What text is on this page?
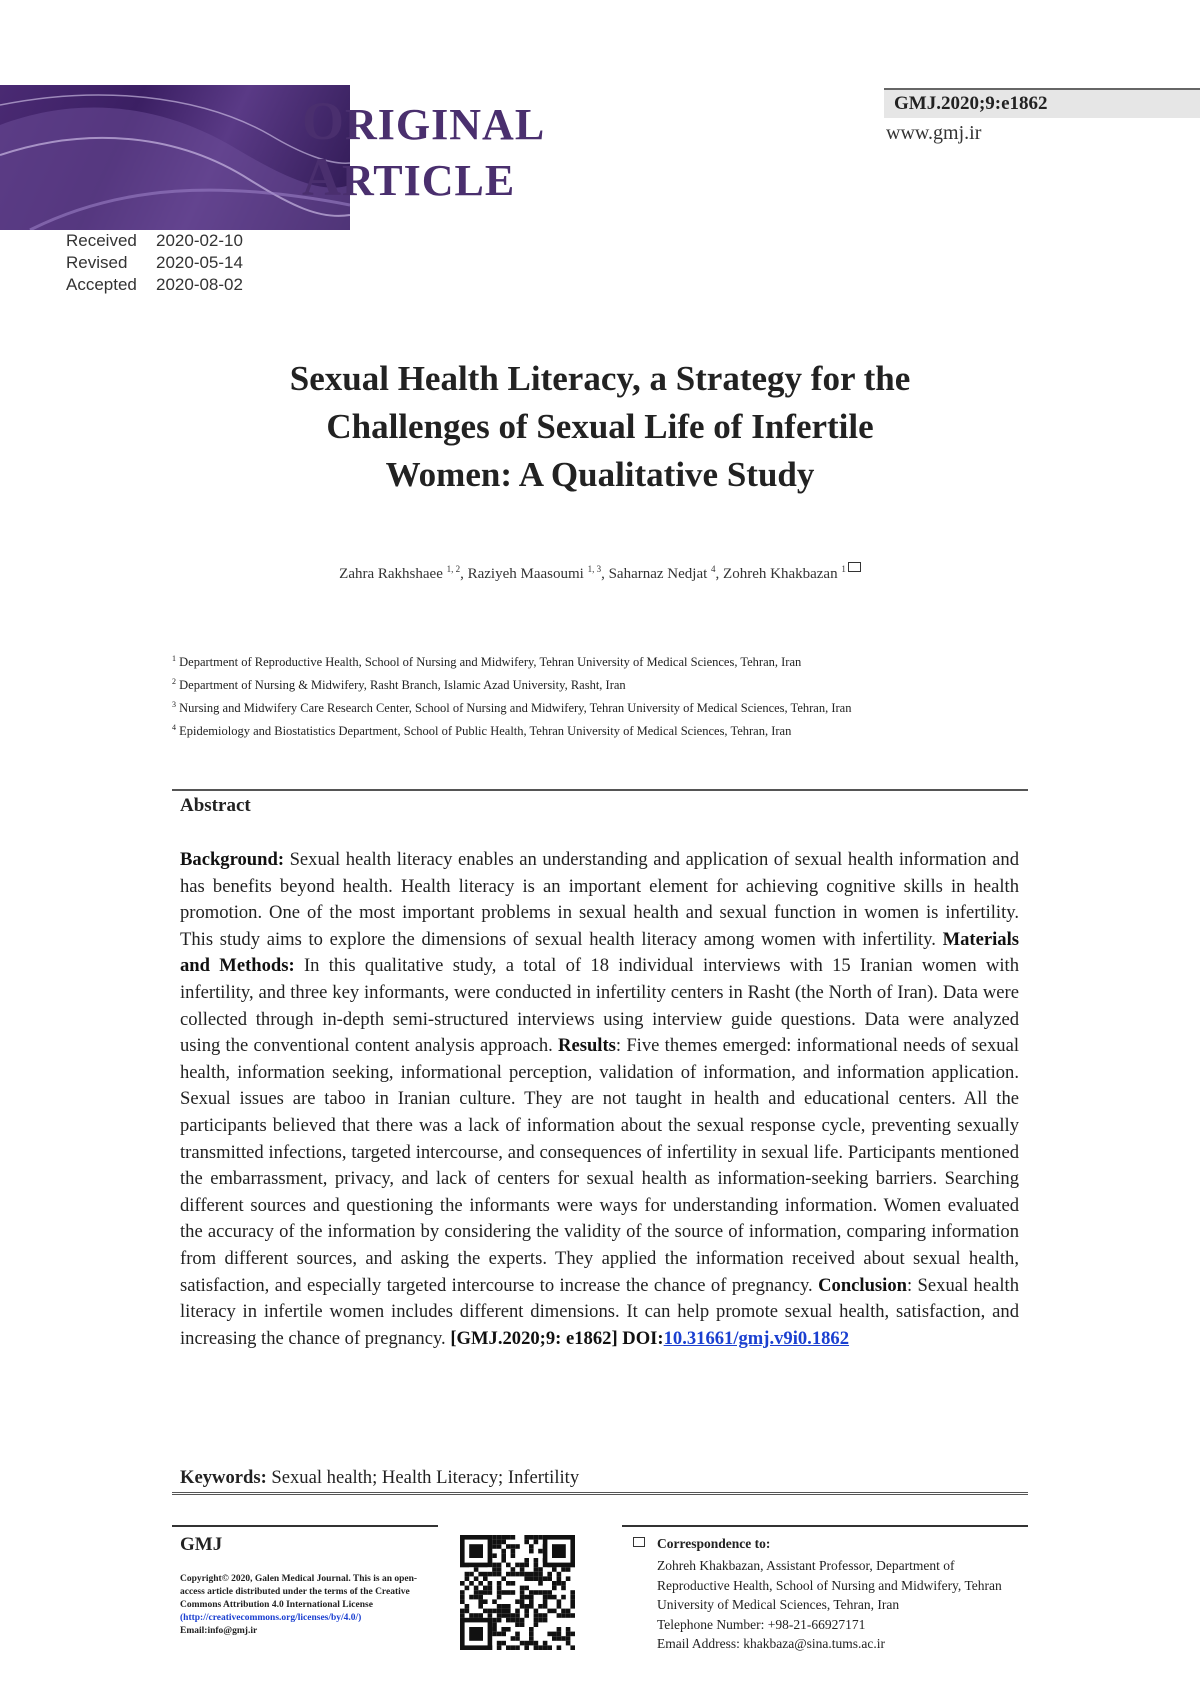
ORIGINAL
ARTICLE
Received 2020-02-10
Revised 2020-05-14
Accepted 2020-08-02
GMJ.2020;9:e1862
www.gmj.ir
Sexual Health Literacy, a Strategy for the
Challenges of Sexual Life of Infertile
Women: A Qualitative Study
Zahra Rakhshaee $^{1, 2}$, Raziyeh Maasoumi $^{1, 3}$, Saharnaz Nedjat $^4$, Zohreh Khakbazan $^1$
$^1$ Department of Reproductive Health, School of Nursing and Midwifery, Tehran University of Medical Sciences, Tehran, Iran
$^2$ Department of Nursing & Midwifery, Rasht Branch, Islamic Azad University, Rasht, Iran
$^3$ Nursing and Midwifery Care Research Center, School of Nursing and Midwifery, Tehran University of Medical Sciences, Tehran, Iran
$^4$ Epidemiology and Biostatistics Department, School of Public Health, Tehran University of Medical Sciences, Tehran, Iran
Abstract
Background: Sexual health literacy enables an understanding and application of sexual health information and has benefits beyond health. Health literacy is an important element for achieving cognitive skills in health promotion. One of the most important problems in sexual health and sexual function in women is infertility. This study aims to explore the dimensions of sexual health literacy among women with infertility. Materials and Methods: In this qualitative study, a total of 18 individual interviews with 15 Iranian women with infertility, and three key informants, were conducted in infertility centers in Rasht (the North of Iran). Data were collected through in-depth semi-structured interviews using interview guide questions. Data were analyzed using the conventional content analysis approach. Results: Five themes emerged: informational needs of sexual health, information seeking, informational perception, validation of information, and information application. Sexual issues are taboo in Iranian culture. They are not taught in health and educational centers. All the participants believed that there was a lack of information about the sexual response cycle, preventing sexually transmitted infections, targeted intercourse, and consequences of infertility in sexual life. Participants mentioned the embarrassment, privacy, and lack of centers for sexual health as information-seeking barriers. Searching different sources and questioning the informants were ways for understanding information. Women evaluated the accuracy of the information by considering the validity of the source of information, comparing information from different sources, and asking the experts. They applied the information received about sexual health, satisfaction, and especially targeted intercourse to increase the chance of pregnancy. Conclusion: Sexual health literacy in infertile women includes different dimensions. It can help promote sexual health, satisfaction, and increasing the chance of pregnancy. [GMJ.2020;9: e1862] DOI:10.31661/gmj.v9i0.1862
Keywords: Sexual health; Health Literacy; Infertility
GMJ
Copyright© 2020, Galen Medical Journal. This is an open-access article distributed under the terms of the Creative Commons Attribution 4.0 International License (http://creativecommons.org/licenses/by/4.0/)
Email:info@gmj.ir
Correspondence to:
Zohreh Khakbazan, Assistant Professor, Department of Reproductive Health, School of Nursing and Midwifery, Tehran University of Medical Sciences, Tehran, Iran
Telephone Number: +98-21-66927171
Email Address: khakbaza@sina.tums.ac.ir
